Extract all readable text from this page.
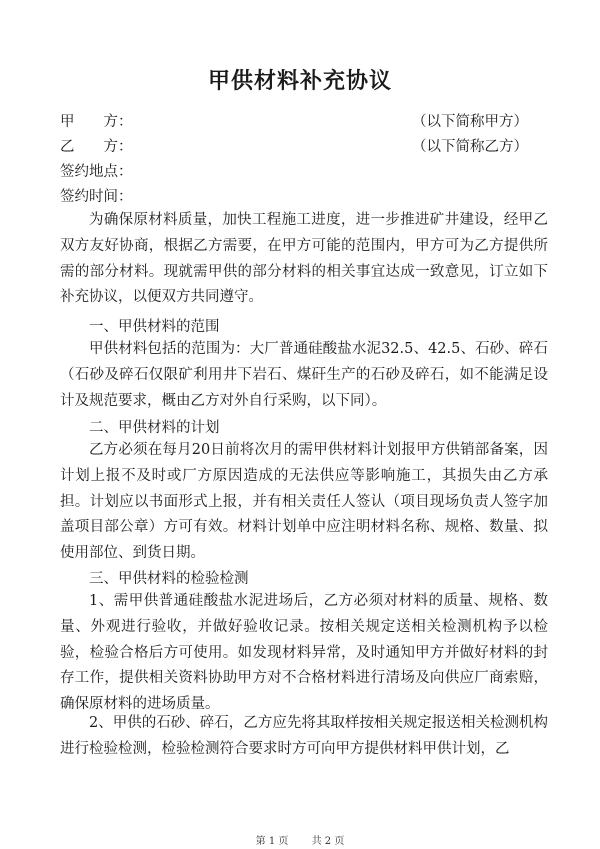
甲供材料补充协议
甲　　方：	（以下简称甲方）
乙　　方：	（以下简称乙方）
签约地点：
签约时间：

为确保原材料质量，加快工程施工进度，进一步推进矿井建设，经甲乙双方友好协商，根据乙方需要，在甲方可能的范围内，甲方可为乙方提供所需的部分材料。现就需甲供的部分材料的相关事宜达成一致意见，订立如下补充协议，以便双方共同遵守。

一、甲供材料的范围

甲供材料包括的范围为：大厂普通硅酸盐水泥32.5、42.5、石砂、碎石（石砂及碎石仅限矿利用井下岩石、煤矸生产的石砂及碎石，如不能满足设计及规范要求，概由乙方对外自行采购，以下同）。

二、甲供材料的计划

乙方必须在每月20日前将次月的需甲供材料计划报甲方供销部备案，因计划上报不及时或厂方原因造成的无法供应等影响施工，其损失由乙方承担。计划应以书面形式上报，并有相关责任人签认（项目现场负责人签字加盖项目部公章）方可有效。材料计划单中应注明材料名称、规格、数量、拟使用部位、到货日期。

三、甲供材料的检验检测

1、需甲供普通硅酸盐水泥进场后，乙方必须对材料的质量、规格、数量、外观进行验收，并做好验收记录。按相关规定送相关检测机构予以检验，检验合格后方可使用。如发现材料异常，及时通知甲方并做好材料的封存工作，提供相关资料协助甲方对不合格材料进行清场及向供应厂商索赔，确保原材料的进场质量。

2、甲供的石砂、碎石，乙方应先将其取样按相关规定报送相关检测机构进行检验检测，检验检测符合要求时方可向甲方提供材料甲供计划，乙

第 1 页 共 2 页
